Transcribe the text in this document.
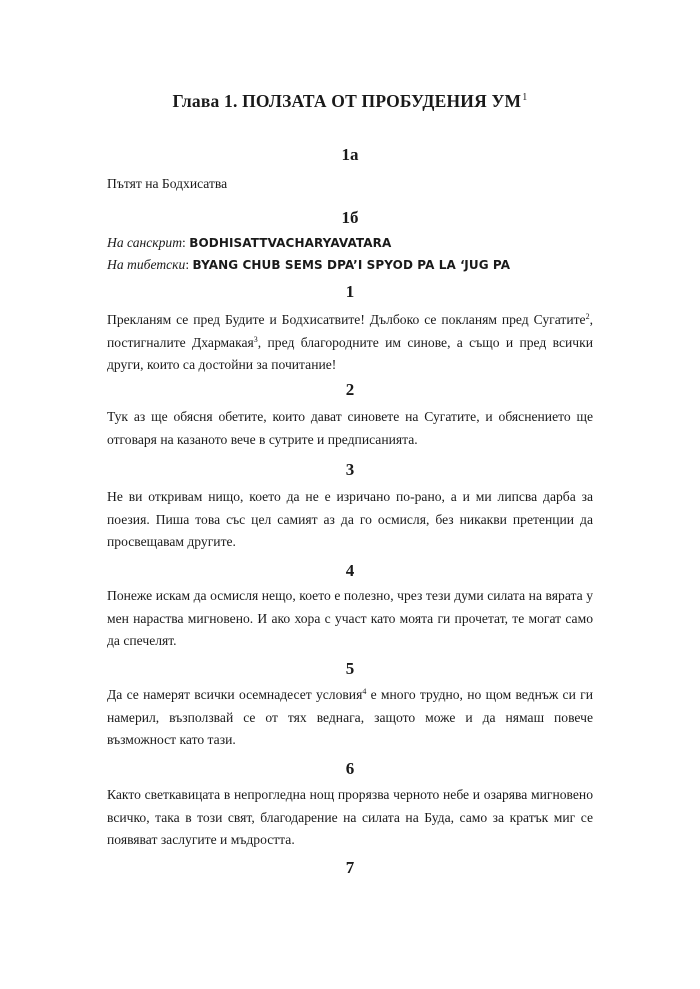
Глава 1. ПОЛЗАТА ОТ ПРОБУДЕНИЯ $УМ^1$
1а
Пътят на Бодхисатва
1б
На санскрит: BODHISATTVACHARYAVATARA
На тибетски: BYANG CHUB SEMS DPA’I SPYOD PA LA ‘JUG PA
1
Прекланям се пред Будите и Бодхисатвите! Дълбоко се покланям пред Сугатите$^2$, постигналите Дхармакая$^3$, пред благородните им синове, а също и пред всички други, които са достойни за почитание!
2
Тук аз ще обясня обетите, които дават синовете на Сугатите, и обяснението ще отговаря на казаното вече в сутрите и предписанията.
3
Не ви откривам нищо, което да не е изричано по-рано, а и ми липсва дарба за поезия. Пиша това със цел самият аз да го осмисля, без никакви претенции да просвещавам другите.
4
Понеже искам да осмисля нещо, което е полезно, чрез тези думи силата на вярата у мен нараства мигновено. И ако хора с участ като моята ги прочетат, те могат само да спечелят.
5
Да се намерят всички осемнадесет условия$^4$ е много трудно, но щом веднъж си ги намерил, възползвай се от тях веднага, защото може и да нямаш повече възможност като тази.
6
Както светкавицата в непрогледна нощ прорязва черното небе и озарява мигновено всичко, така в този свят, благодарение на силата на Буда, само за кратък миг се появяват заслугите и мъдростта.
7
